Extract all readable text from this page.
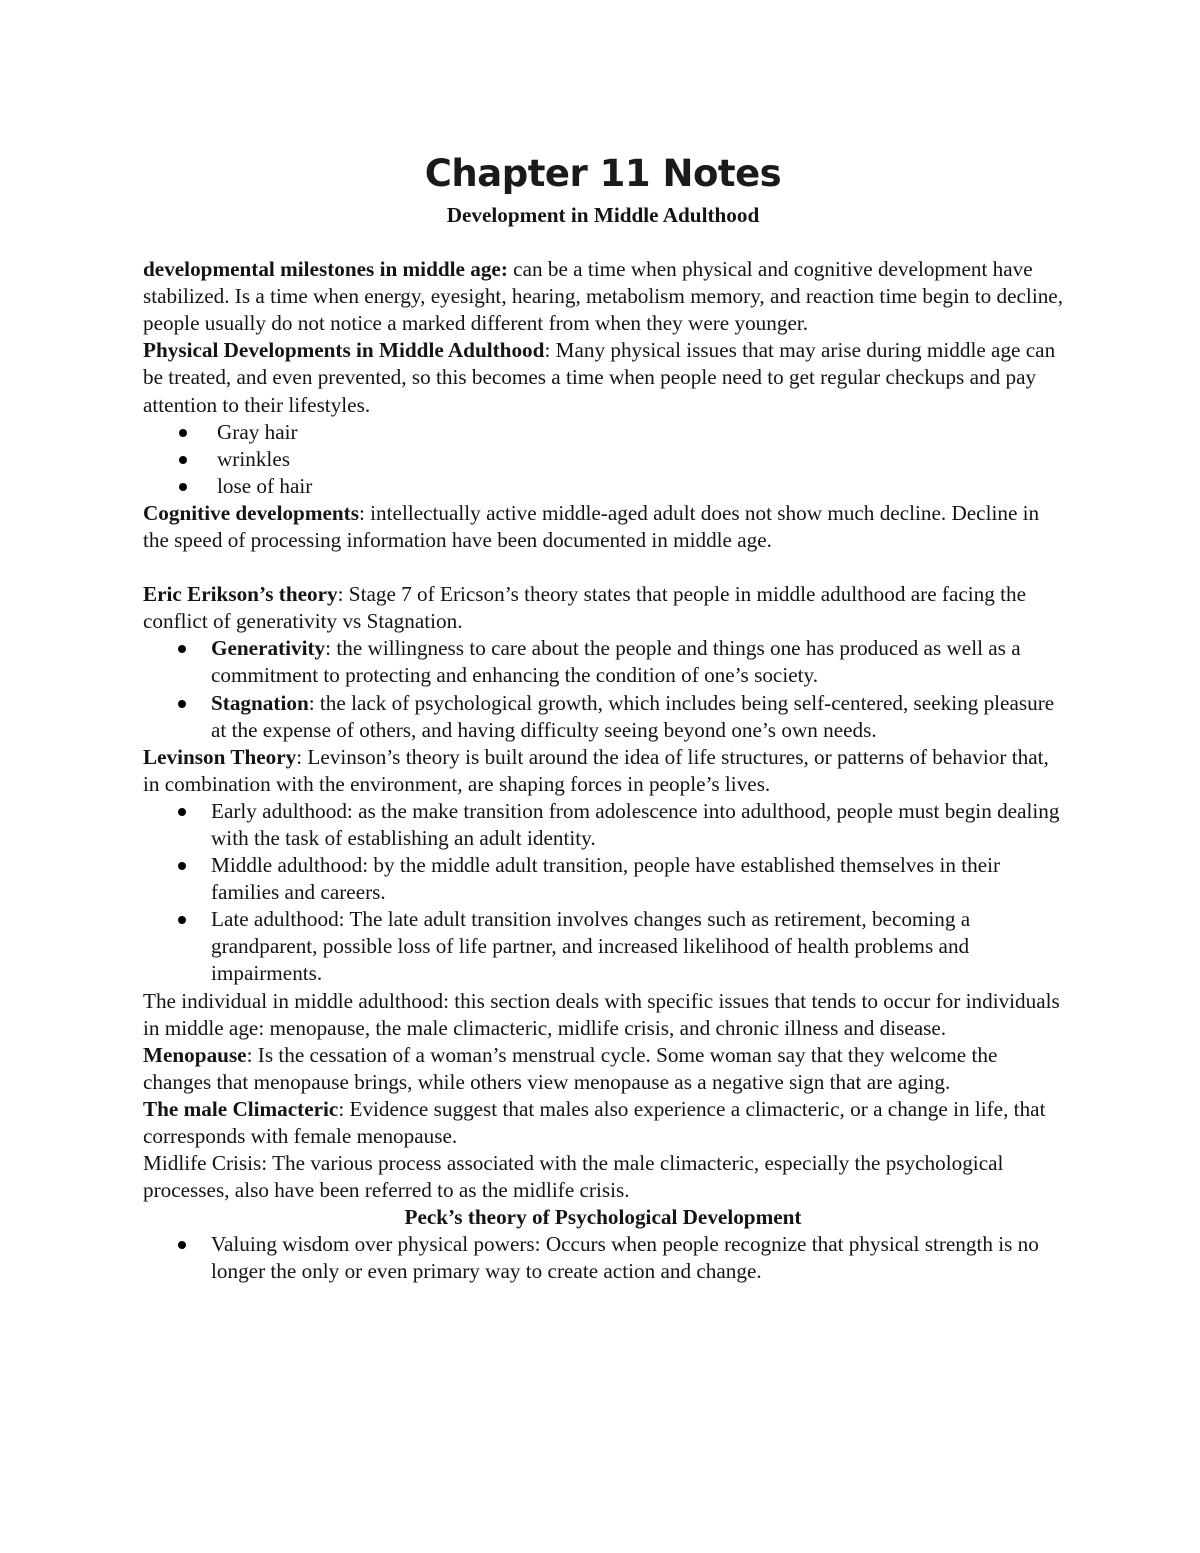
Chapter 11 Notes
Development in Middle Adulthood

developmental milestones in middle age: can be a time when physical and cognitive development have stabilized. Is a time when energy, eyesight, hearing, metabolism memory, and reaction time begin to decline, people usually do not notice a marked different from when they were younger.

Physical Developments in Middle Adulthood: Many physical issues that may arise during middle age can be treated, and even prevented, so this becomes a time when people need to get regular checkups and pay attention to their lifestyles.

Gray hair
wrinkles
lose of hair

Cognitive developments: intellectually active middle-aged adult does not show much decline. Decline in the speed of processing information have been documented in middle age.

Eric Erikson’s theory: Stage 7 of Ericson’s theory states that people in middle adulthood are facing the conflict of generativity vs Stagnation.

Generativity: the willingness to care about the people and things one has produced as well as a commitment to protecting and enhancing the condition of one’s society.
Stagnation: the lack of psychological growth, which includes being self-centered, seeking pleasure at the expense of others, and having difficulty seeing beyond one’s own needs.

Levinson Theory: Levinson’s theory is built around the idea of life structures, or patterns of behavior that, in combination with the environment, are shaping forces in people’s lives.

Early adulthood: as the make transition from adolescence into adulthood, people must begin dealing with the task of establishing an adult identity.
Middle adulthood: by the middle adult transition, people have established themselves in their families and careers.
Late adulthood: The late adult transition involves changes such as retirement, becoming a grandparent, possible loss of life partner, and increased likelihood of health problems and impairments.

The individual in middle adulthood: this section deals with specific issues that tends to occur for individuals in middle age: menopause, the male climacteric, midlife crisis, and chronic illness and disease.

Menopause: Is the cessation of a woman’s menstrual cycle. Some woman say that they welcome the changes that menopause brings, while others view menopause as a negative sign that are aging.

The male Climacteric: Evidence suggest that males also experience a climacteric, or a change in life, that corresponds with female menopause.

Midlife Crisis: The various process associated with the male climacteric, especially the psychological processes, also have been referred to as the midlife crisis.

Peck’s theory of Psychological Development
Valuing wisdom over physical powers: Occurs when people recognize that physical strength is no longer the only or even primary way to create action and change.
